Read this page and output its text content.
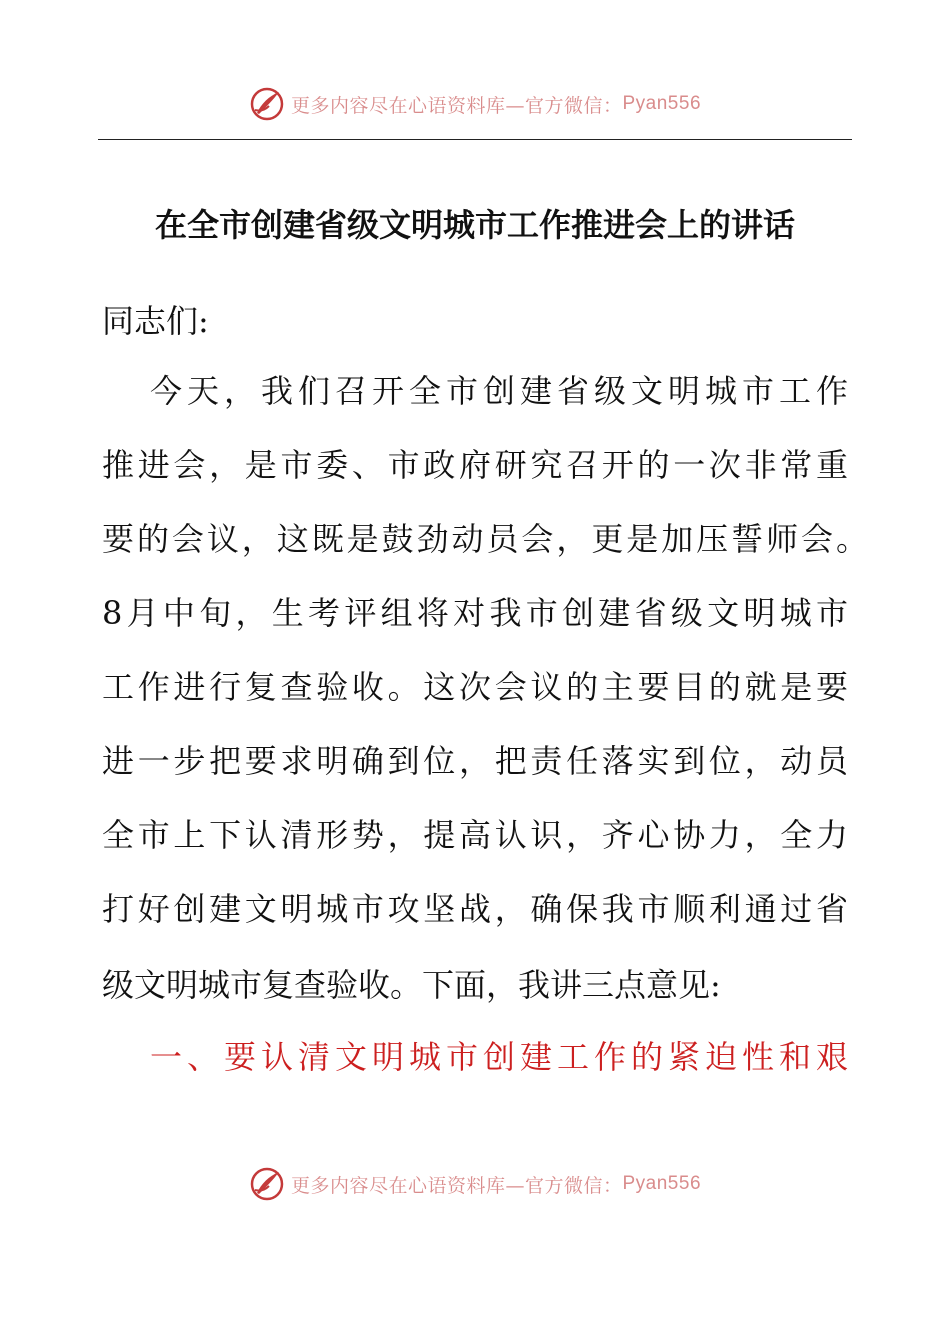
更多内容尽在心语资料库—官方微信： Pyan556
在全市创建省级文明城市工作推进会上的讲话
同志们:
今天，我们召开全市创建省级文明城市工作
推进会，是市委、市政府研究召开的一次非常重
要的会议，这既是鼓劲动员会，更是加压誓师会。
8月中旬，生考评组将对我市创建省级文明城市
工作进行复查验收。这次会议的主要目的就是要
进一步把要求明确到位，把责任落实到位，动员
全市上下认清形势，提高认识，齐心协力，全力
打好创建文明城市攻坚战，确保我市顺利通过省
级文明城市复查验收。下面，我讲三点意见:
一、要认清文明城市创建工作的紧迫性和艰
更多内容尽在心语资料库—官方微信： Pyan556
